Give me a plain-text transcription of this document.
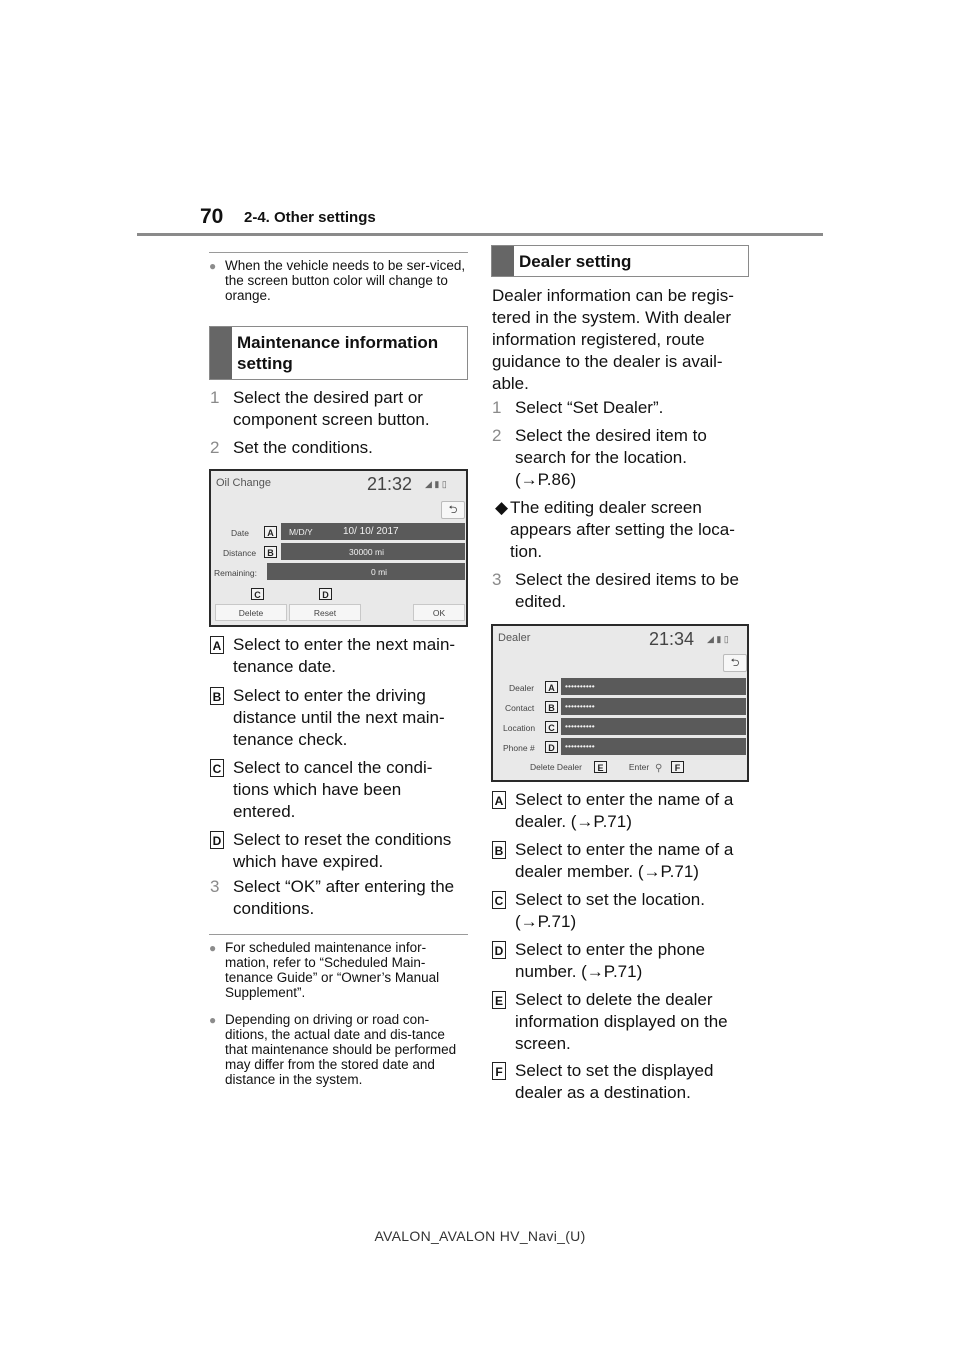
70 2-4. Other settings
● When the vehicle needs to be ser-viced, the screen button color will change to orange.
Maintenance information setting
1 Select the desired part or component screen button.
2 Set the conditions.
Oil Change	21:32 ◢ ▮ ▯
⮌
Date	A	M/D/Y	10/ 10/ 2017
Distance	B	30000 mi
Remaining:	0 mi
C	D
Delete	Reset	OK
A Select to enter the next main-tenance date.
B Select to enter the driving distance until the next main-tenance check.
C Select to cancel the condi-tions which have been entered.
D Select to reset the conditions which have expired.
3 Select “OK” after entering the conditions.
● For scheduled maintenance infor-mation, refer to “Scheduled Main-tenance Guide” or “Owner’s Manual Supplement”.
● Depending on driving or road con-ditions, the actual date and dis-tance that maintenance should be performed may differ from the stored date and distance in the system.
Dealer setting
Dealer information can be regis-tered in the system. With dealer information registered, route guidance to the dealer is avail-able.
1 Select “Set Dealer”.
2 Select the desired item to search for the location. (→P.86)
◆ The editing dealer screen appears after setting the loca-tion.
3 Select the desired items to be edited.
Dealer	21:34 ◢ ▮ ▯
⮌
Dealer	A	••••••••••
Contact	B	••••••••••
Location	C	••••••••••
Phone #	D	••••••••••
Delete Dealer	E	Enter ⚲	F
A Select to enter the name of a dealer. (→P.71)
B Select to enter the name of a dealer member. (→P.71)
C Select to set the location. (→P.71)
D Select to enter the phone number. (→P.71)
E Select to delete the dealer information displayed on the screen.
F Select to set the displayed dealer as a destination.
AVALON_AVALON HV_Navi_(U)
